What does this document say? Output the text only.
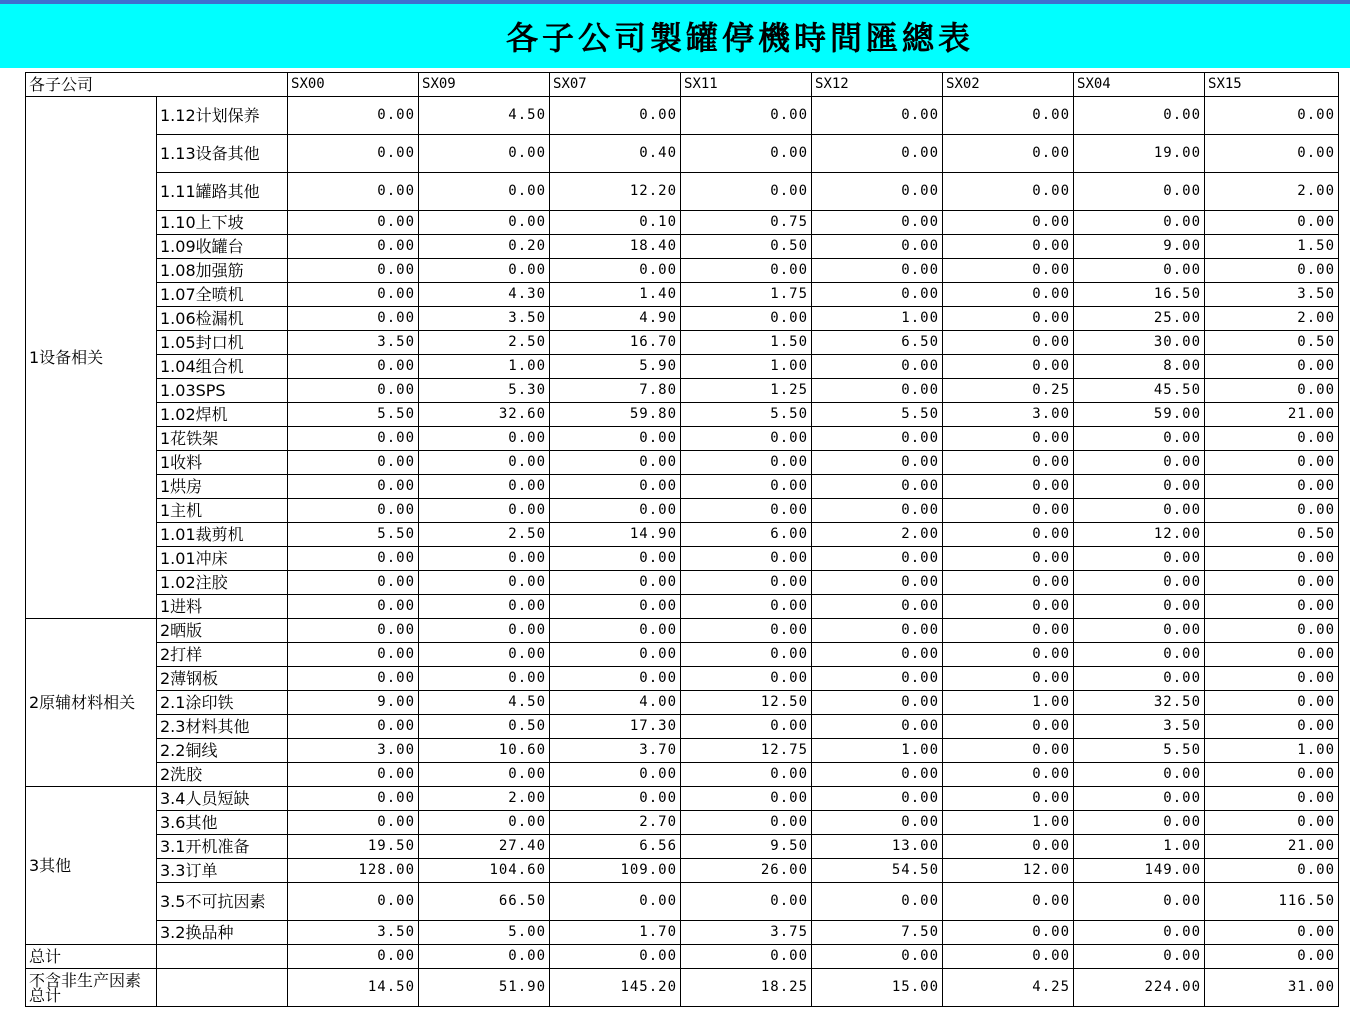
各子公司製罐停機時間匯總表
各子公司		SX00	SX09	SX07	SX11	SX12	SX02	SX04	SX15
1设备相关	1.12计划保养	0.00	4.50	0.00	0.00	0.00	0.00	0.00	0.00
	1.13设备其他	0.00	0.00	0.40	0.00	0.00	0.00	19.00	0.00
	1.11罐路其他	0.00	0.00	12.20	0.00	0.00	0.00	0.00	2.00
	1.10上下坡	0.00	0.00	0.10	0.75	0.00	0.00	0.00	0.00
	1.09收罐台	0.00	0.20	18.40	0.50	0.00	0.00	9.00	1.50
	1.08加强筋	0.00	0.00	0.00	0.00	0.00	0.00	0.00	0.00
	1.07全喷机	0.00	4.30	1.40	1.75	0.00	0.00	16.50	3.50
	1.06检漏机	0.00	3.50	4.90	0.00	1.00	0.00	25.00	2.00
	1.05封口机	3.50	2.50	16.70	1.50	6.50	0.00	30.00	0.50
	1.04组合机	0.00	1.00	5.90	1.00	0.00	0.00	8.00	0.00
	1.03SPS	0.00	5.30	7.80	1.25	0.00	0.25	45.50	0.00
	1.02焊机	5.50	32.60	59.80	5.50	5.50	3.00	59.00	21.00
	1花铁架	0.00	0.00	0.00	0.00	0.00	0.00	0.00	0.00
	1收料	0.00	0.00	0.00	0.00	0.00	0.00	0.00	0.00
	1烘房	0.00	0.00	0.00	0.00	0.00	0.00	0.00	0.00
	1主机	0.00	0.00	0.00	0.00	0.00	0.00	0.00	0.00
	1.01裁剪机	5.50	2.50	14.90	6.00	2.00	0.00	12.00	0.50
	1.01冲床	0.00	0.00	0.00	0.00	0.00	0.00	0.00	0.00
	1.02注胶	0.00	0.00	0.00	0.00	0.00	0.00	0.00	0.00
	1进料	0.00	0.00	0.00	0.00	0.00	0.00	0.00	0.00
2原辅材料相关	2晒版	0.00	0.00	0.00	0.00	0.00	0.00	0.00	0.00
	2打样	0.00	0.00	0.00	0.00	0.00	0.00	0.00	0.00
	2薄钢板	0.00	0.00	0.00	0.00	0.00	0.00	0.00	0.00
	2.1涂印铁	9.00	4.50	4.00	12.50	0.00	1.00	32.50	0.00
	2.3材料其他	0.00	0.50	17.30	0.00	0.00	0.00	3.50	0.00
	2.2铜线	3.00	10.60	3.70	12.75	1.00	0.00	5.50	1.00
	2洗胶	0.00	0.00	0.00	0.00	0.00	0.00	0.00	0.00
3其他	3.4人员短缺	0.00	2.00	0.00	0.00	0.00	0.00	0.00	0.00
	3.6其他	0.00	0.00	2.70	0.00	0.00	1.00	0.00	0.00
	3.1开机准备	19.50	27.40	6.56	9.50	13.00	0.00	1.00	21.00
	3.3订单	128.00	104.60	109.00	26.00	54.50	12.00	149.00	0.00
	3.5不可抗因素	0.00	66.50	0.00	0.00	0.00	0.00	0.00	116.50
	3.2换品种	3.50	5.00	1.70	3.75	7.50	0.00	0.00	0.00
总计		0.00	0.00	0.00	0.00	0.00	0.00	0.00	0.00
不含非生产因素总计		14.50	51.90	145.20	18.25	15.00	4.25	224.00	31.00
